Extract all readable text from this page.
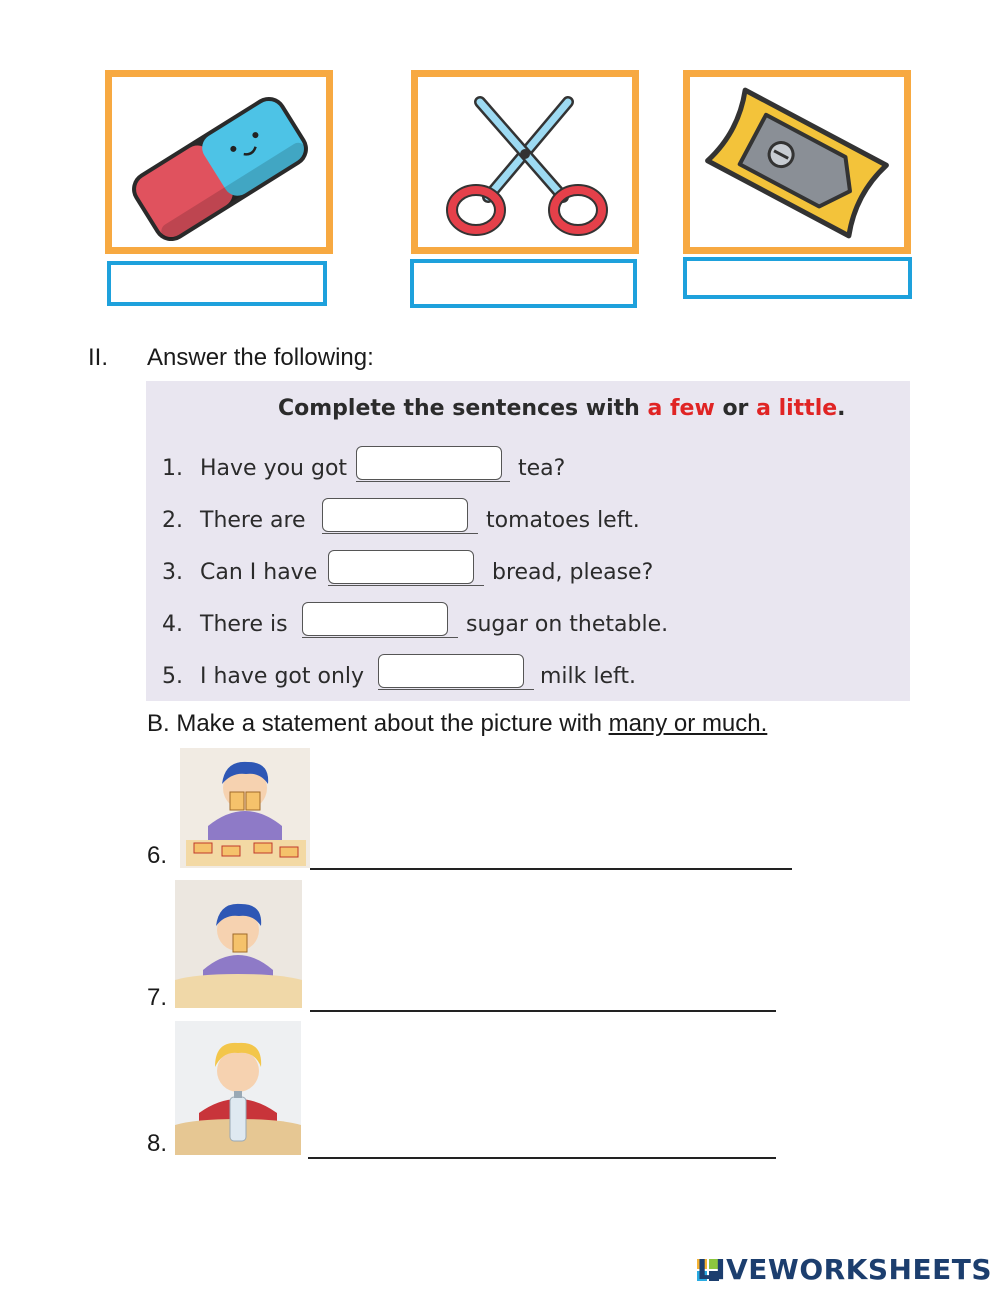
II. Answer the following:
Complete the sentences with a few or a little.
1. Have you got	tea?
2. There are	tomatoes left.
3. Can I have	bread, please?
4. There is	sugar on thetable.
5. I have got only	milk left.
B. Make a statement about the picture with many or much.
6.
7.
8.
LIVEWORKSHEETS
